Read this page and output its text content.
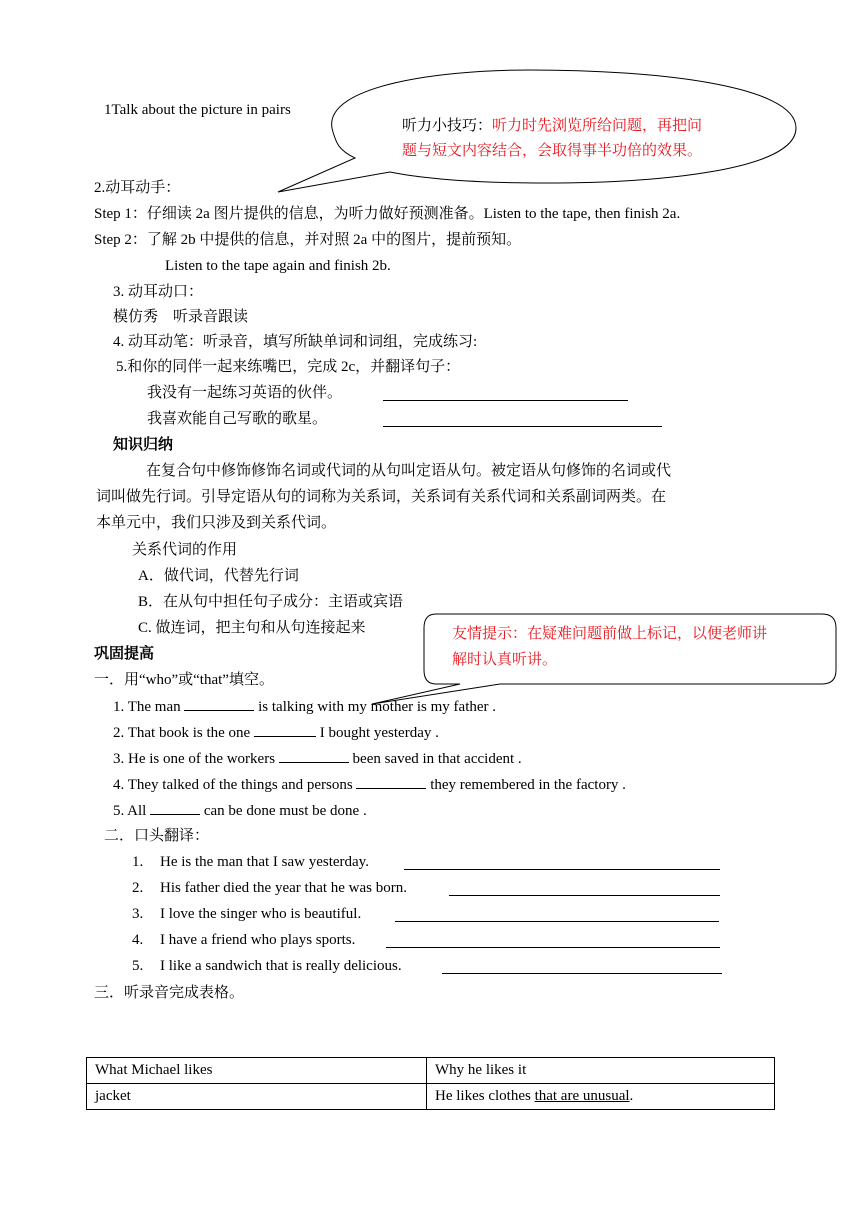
听力小技巧：听力时先浏览所给问题，再把问
题与短文内容结合，会取得事半功倍的效果。
1Talk about the picture in pairs
2.动耳动手：
Step 1：仔细读 2a 图片提供的信息，为听力做好预测准备。Listen to the tape, then finish 2a.
Step 2：了解 2b 中提供的信息，并对照 2a 中的图片，提前预知。
Listen to the tape again and finish 2b.
3. 动耳动口：
模仿秀　听录音跟读
4. 动耳动笔：听录音，填写所缺单词和词组，完成练习:
5.和你的同伴一起来练嘴巴，完成 2c，并翻译句子：
我没有一起练习英语的伙伴。
我喜欢能自己写歌的歌星。
知识归纳
在复合句中修饰修饰名词或代词的从句叫定语从句。被定语从句修饰的名词或代
词叫做先行词。引导定语从句的词称为关系词，关系词有关系代词和关系副词两类。在
本单元中，我们只涉及到关系代词。
关系代词的作用
A．做代词，代替先行词
B．在从句中担任句子成分：主语或宾语
C. 做连词，把主句和从句连接起来	友情提示：在疑难问题前做上标记，以便老师讲
解时认真听讲。
巩固提高
一．用“who”或“that”填空。
1. The man	is talking with my mother is my father .
2. That book is the one	I bought yesterday .
3. He is one of the workers	been saved in that accident .
4. They talked of the things and persons	they remembered in the factory .
5. All	can be done must be done .
二．口头翻译：
1. He is the man that I saw yesterday.
2. His father died the year that he was born.
3. I love the singer who is beautiful.
4. I have a friend who plays sports.
5. I like a sandwich that is really delicious.
三．听录音完成表格。
What Michael likes	Why he likes it
jacket	He likes clothes that are unusual.
